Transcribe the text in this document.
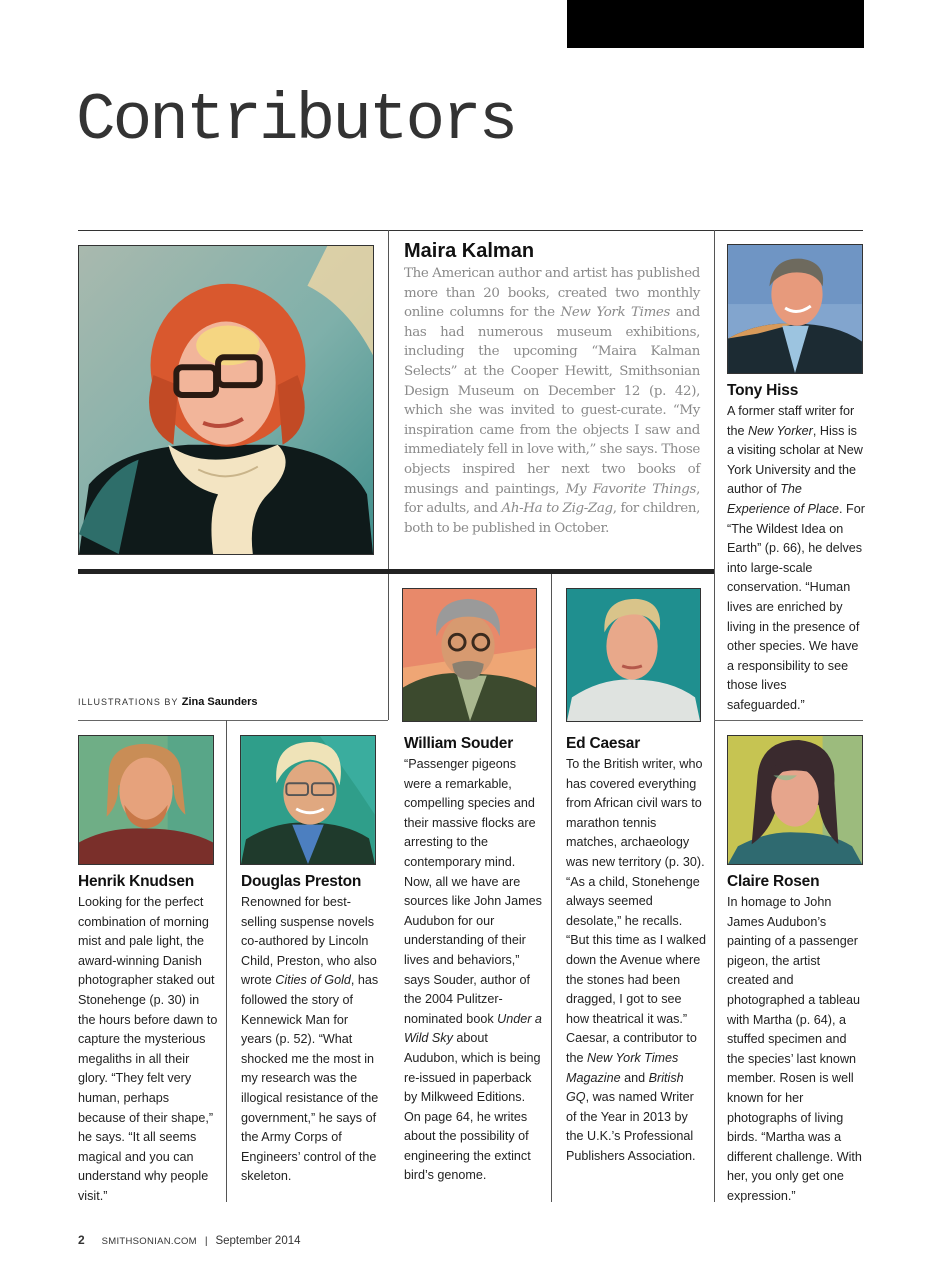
Contributors
Maira Kalman
The American author and artist has published more than 20 books, created two monthly online columns for the New York Times and has had numerous museum exhibitions, including the upcoming “Maira Kalman Selects” at the Cooper Hewitt, Smithsonian Design Museum on December 12 (p. 42), which she was invited to guest-curate. “My inspiration came from the objects I saw and immediately fell in love with,” she says. Those objects inspired her next two books of musings and paintings, My Favorite Things, for adults, and Ah-Ha to Zig-Zag, for children, both to be published in October.
ILLUSTRATIONS BY Zina Saunders
Tony Hiss
A former staff writer for the New Yorker, Hiss is a visiting scholar at New York University and the author of The Experience of Place. For “The Wildest Idea on Earth” (p. 66), he delves into large-scale conservation. “Human lives are enriched by living in the presence of other species. We have a responsibility to see those lives safeguarded.”
William Souder
“Passenger pigeons were a remarkable, compelling species and their massive flocks are arresting to the contemporary mind. Now, all we have are sources like John James Audubon for our understanding of their lives and behaviors,” says Souder, author of the 2004 Pulitzer-nominated book Under a Wild Sky about Audubon, which is being re-issued in paperback by Milkweed Editions. On page 64, he writes about the possibility of engineering the extinct bird’s genome.
Ed Caesar
To the British writer, who has covered everything from African civil wars to marathon tennis matches, archaeology was new territory (p. 30). “As a child, Stonehenge always seemed desolate,” he recalls. “But this time as I walked down the Avenue where the stones had been dragged, I got to see how theatrical it was.” Caesar, a contributor to the New York Times Magazine and British GQ, was named Writer of the Year in 2013 by the U.K.’s Professional Publishers Association.
Henrik Knudsen
Looking for the perfect combination of morning mist and pale light, the award-winning Danish photographer staked out Stonehenge (p. 30) in the hours before dawn to capture the mysterious megaliths in all their glory. “They felt very human, perhaps because of their shape,” he says. “It all seems magical and you can understand why people visit.”
Douglas Preston
Renowned for best-selling suspense novels co-authored by Lincoln Child, Preston, who also wrote Cities of Gold, has followed the story of Kennewick Man for years (p. 52). “What shocked me the most in my research was the illogical resistance of the government,” he says of the Army Corps of Engineers’ control of the skeleton.
Claire Rosen
In homage to John James Audubon’s painting of a passenger pigeon, the artist created and photographed a tableau with Martha (p. 64), a stuffed specimen and the species’ last known member. Rosen is well known for her photographs of living birds. “Martha was a different challenge. With her, you only get one expression.”
2 SMITHSONIAN.COM | September 2014
